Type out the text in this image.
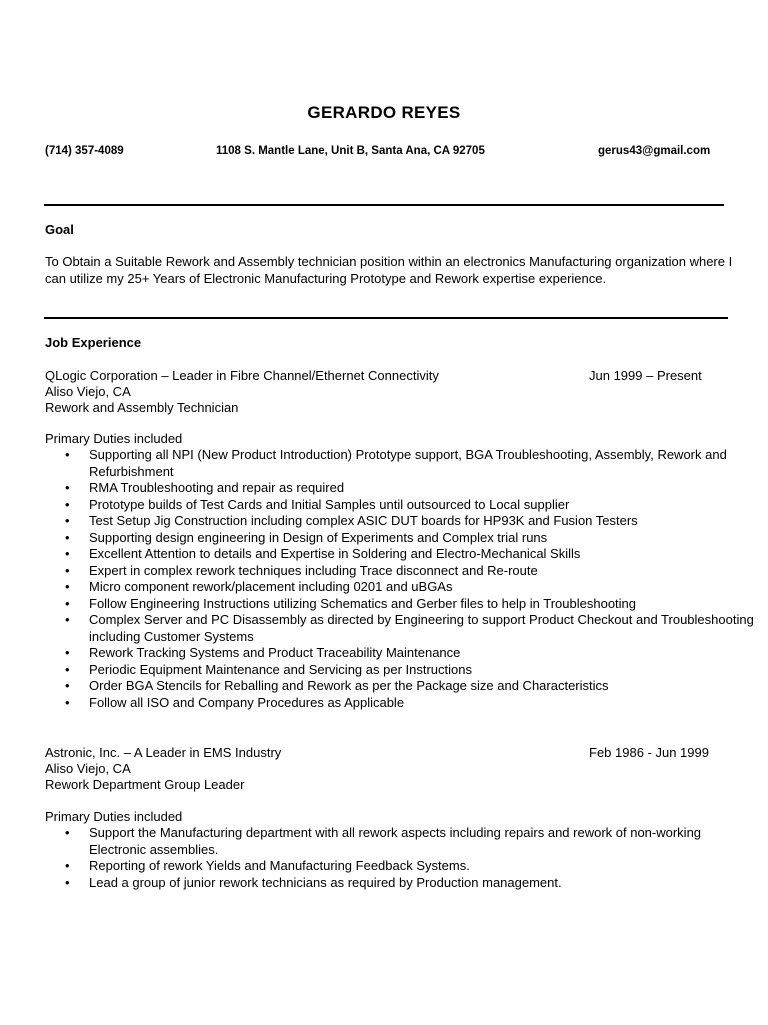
GERARDO REYES
(714) 357-4089	1108 S. Mantle Lane, Unit B, Santa Ana, CA 92705	gerus43@gmail.com
Goal
To Obtain a Suitable Rework and Assembly technician position within an electronics Manufacturing organization where I can utilize my 25+ Years of Electronic Manufacturing Prototype and Rework expertise experience.
Job Experience
QLogic Corporation – Leader in Fibre Channel/Ethernet Connectivity	Jun 1999 – Present
Aliso Viejo, CA
Rework and Assembly Technician
Primary Duties included
• Supporting all NPI (New Product Introduction) Prototype support, BGA Troubleshooting, Assembly, Rework and Refurbishment
• RMA Troubleshooting and repair as required
• Prototype builds of Test Cards and Initial Samples until outsourced to Local supplier
• Test Setup Jig Construction including complex ASIC DUT boards for HP93K and Fusion Testers
• Supporting design engineering in Design of Experiments and Complex trial runs
• Excellent Attention to details and Expertise in Soldering and Electro-Mechanical Skills
• Expert in complex rework techniques including Trace disconnect and Re-route
• Micro component rework/placement including 0201 and uBGAs
• Follow Engineering Instructions utilizing Schematics and Gerber files to help in Troubleshooting
• Complex Server and PC Disassembly as directed by Engineering to support Product Checkout and Troubleshooting including Customer Systems
• Rework Tracking Systems and Product Traceability Maintenance
• Periodic Equipment Maintenance and Servicing as per Instructions
• Order BGA Stencils for Reballing and Rework as per the Package size and Characteristics
• Follow all ISO and Company Procedures as Applicable
Astronic, Inc. – A Leader in EMS Industry	Feb 1986 - Jun 1999
Aliso Viejo, CA
Rework Department Group Leader
Primary Duties included
• Support the Manufacturing department with all rework aspects including repairs and rework of non-working Electronic assemblies.
• Reporting of rework Yields and Manufacturing Feedback Systems.
• Lead a group of junior rework technicians as required by Production management.
